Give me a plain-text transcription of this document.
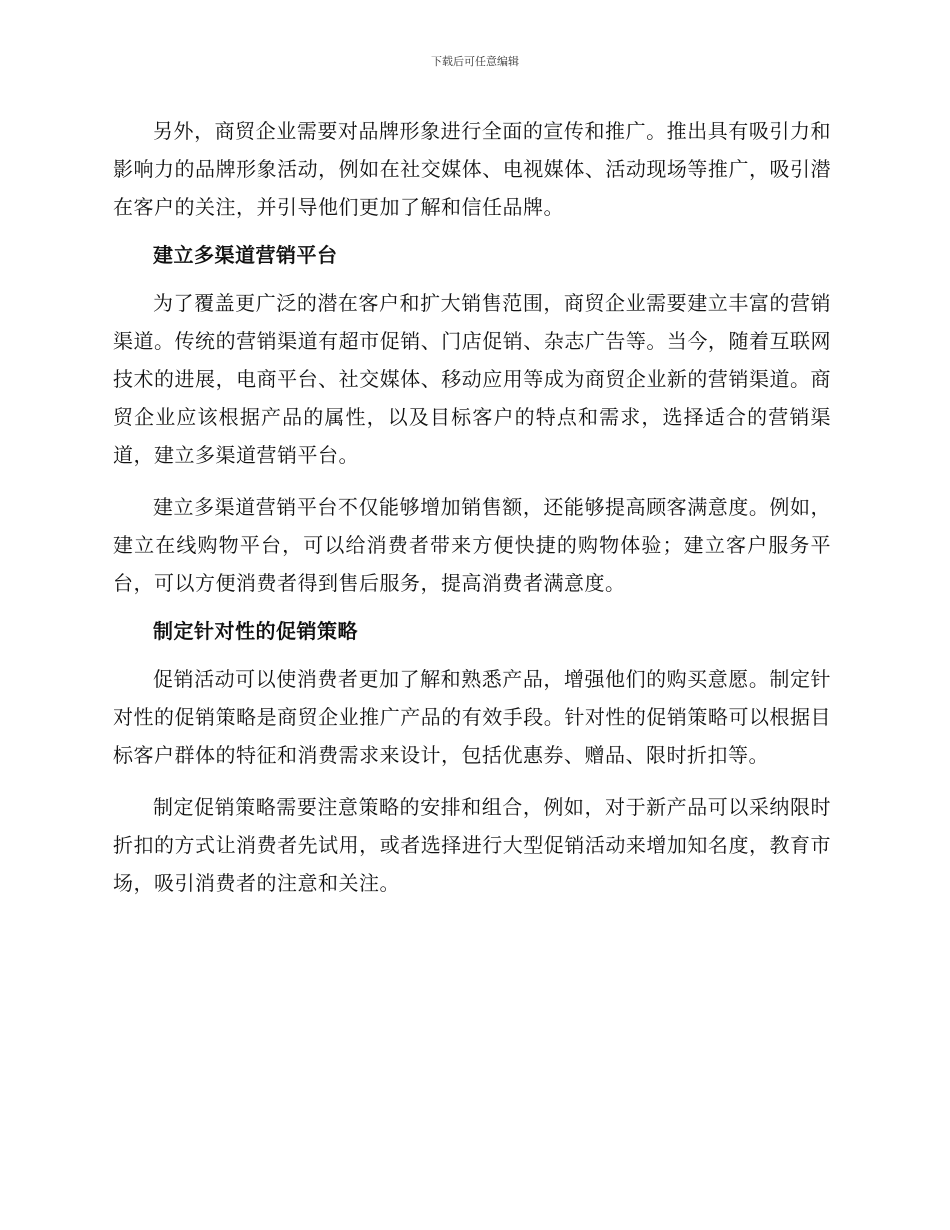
下载后可任意编辑

另外，商贸企业需要对品牌形象进行全面的宣传和推广。推出具有吸引力和影响力的品牌形象活动，例如在社交媒体、电视媒体、活动现场等推广，吸引潜在客户的关注，并引导他们更加了解和信任品牌。

建立多渠道营销平台

为了覆盖更广泛的潜在客户和扩大销售范围，商贸企业需要建立丰富的营销渠道。传统的营销渠道有超市促销、门店促销、杂志广告等。当今，随着互联网技术的进展，电商平台、社交媒体、移动应用等成为商贸企业新的营销渠道。商贸企业应该根据产品的属性，以及目标客户的特点和需求，选择适合的营销渠道，建立多渠道营销平台。

建立多渠道营销平台不仅能够增加销售额，还能够提高顾客满意度。例如，建立在线购物平台，可以给消费者带来方便快捷的购物体验；建立客户服务平台，可以方便消费者得到售后服务，提高消费者满意度。

制定针对性的促销策略

促销活动可以使消费者更加了解和熟悉产品，增强他们的购买意愿。制定针对性的促销策略是商贸企业推广产品的有效手段。针对性的促销策略可以根据目标客户群体的特征和消费需求来设计，包括优惠券、赠品、限时折扣等。

制定促销策略需要注意策略的安排和组合，例如，对于新产品可以采纳限时折扣的方式让消费者先试用，或者选择进行大型促销活动来增加知名度，教育市场，吸引消费者的注意和关注。
